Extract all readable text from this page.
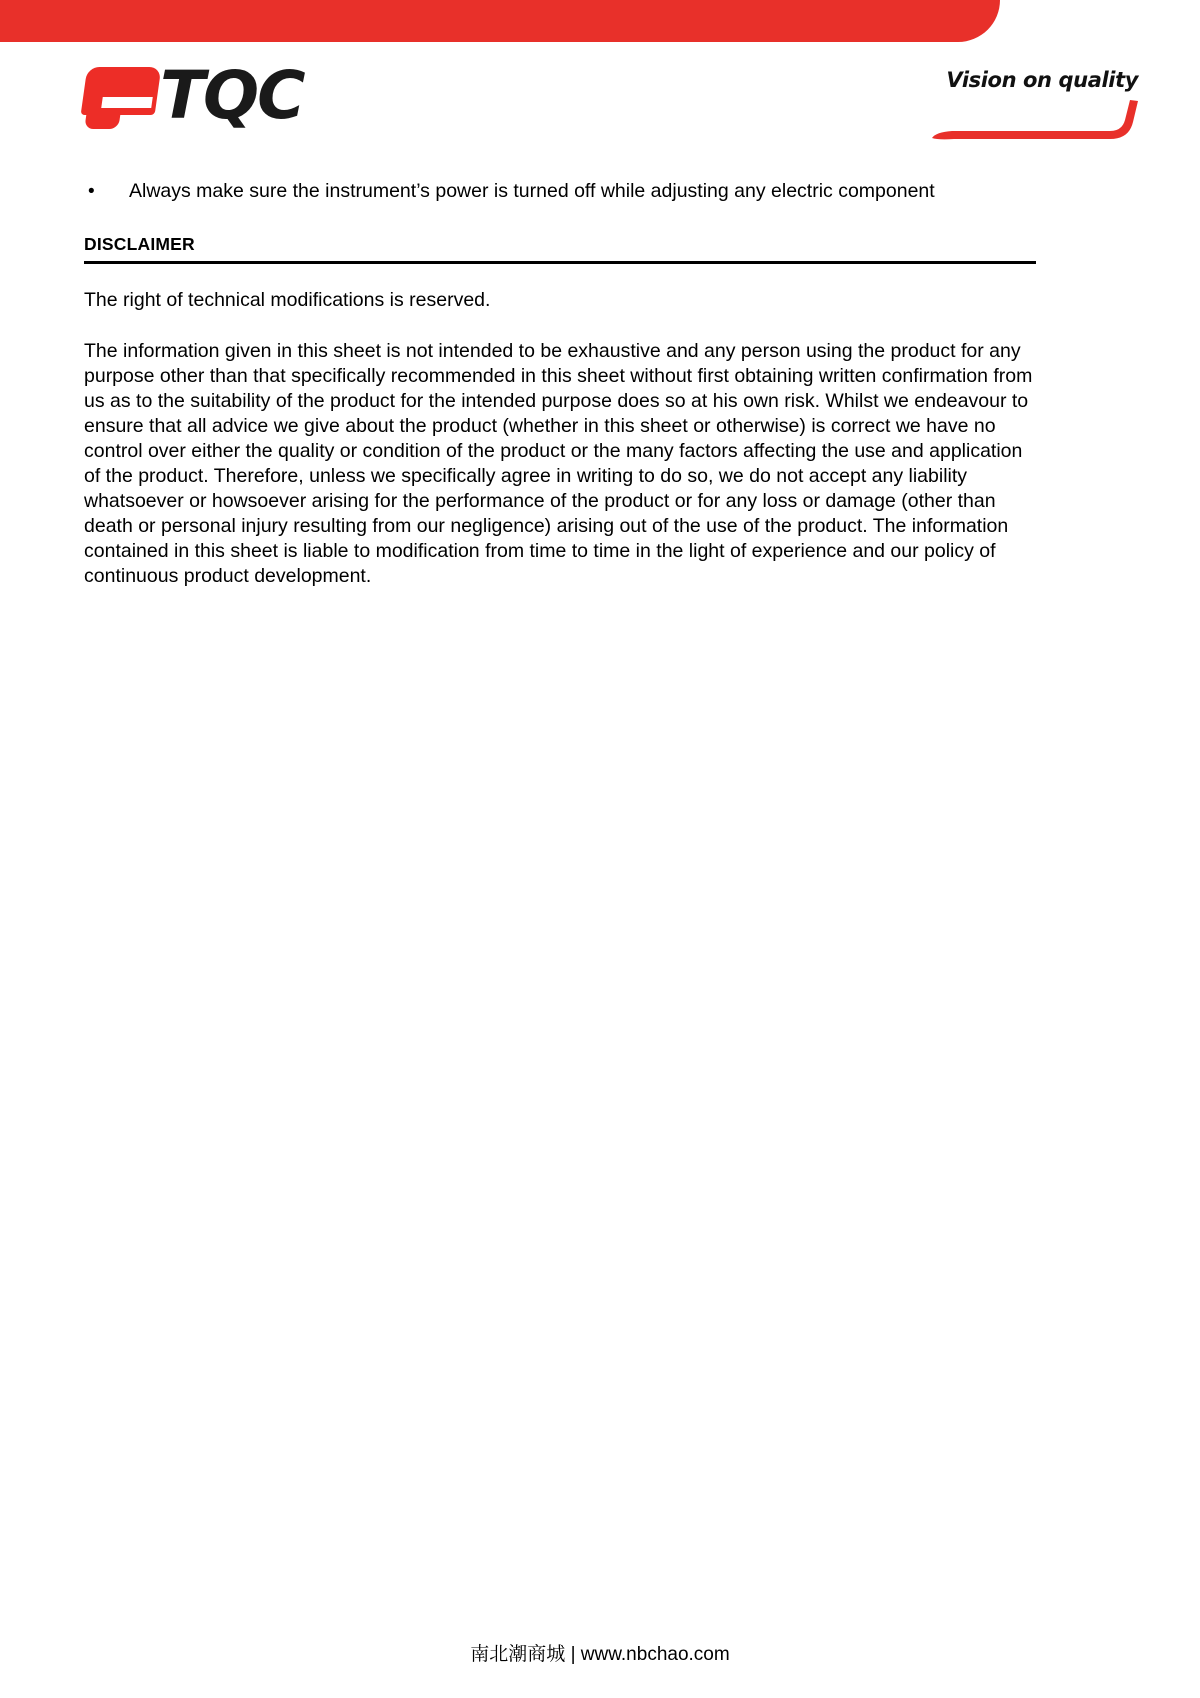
TQC	Vision on quality
• Always make sure the instrument’s power is turned off while adjusting any electric component
DISCLAIMER

The right of technical modifications is reserved.

The information given in this sheet is not intended to be exhaustive and any person using the product for any purpose other than that specifically recommended in this sheet without first obtaining written confirmation from us as to the suitability of the product for the intended purpose does so at his own risk. Whilst we endeavour to ensure that all advice we give about the product (whether in this sheet or otherwise) is correct we have no control over either the quality or condition of the product or the many factors affecting the use and application of the product. Therefore, unless we specifically agree in writing to do so, we do not accept any liability whatsoever or howsoever arising for the performance of the product or for any loss or damage (other than death or personal injury resulting from our negligence) arising out of the use of the product. The information contained in this sheet is liable to modification from time to time in the light of experience and our policy of continuous product development.

南北潮商城 | www.nbchao.com
